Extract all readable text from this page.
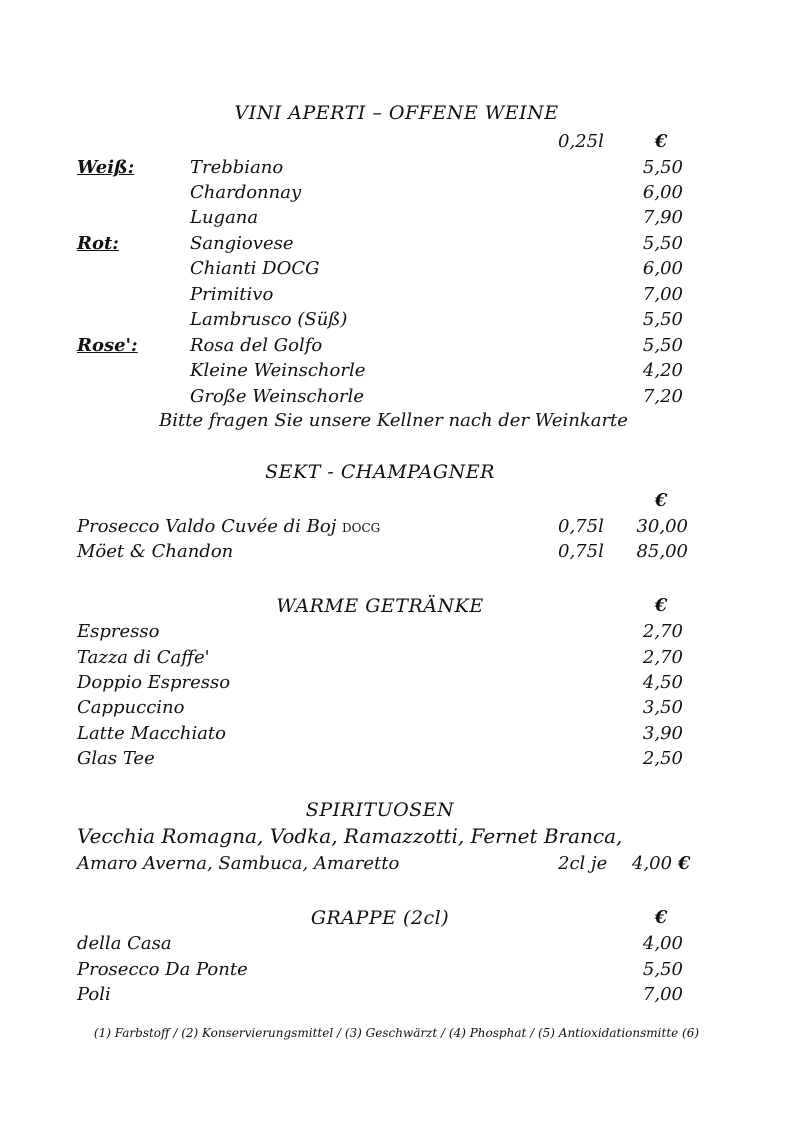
VINI APERTI – OFFENE WEINE
0,25l	€
Weiß:	Trebbiano	5,50
Chardonnay	6,00
Lugana	7,90
Rot:	Sangiovese	5,50
Chianti DOCG	6,00
Primitivo	7,00
Lambrusco (Süß)	5,50
Rose':	Rosa del Golfo	5,50
Kleine Weinschorle	4,20
Große Weinschorle	7,20
Bitte fragen Sie unsere Kellner nach der Weinkarte
SEKT - CHAMPAGNER
€
Prosecco Valdo Cuvée di Boj DOCG	0,75l	30,00
Möet & Chandon	0,75l	85,00
WARME GETRÄNKE	€
Espresso	2,70
Tazza di Caffe'	2,70
Doppio Espresso	4,50
Cappuccino	3,50
Latte Macchiato	3,90
Glas Tee	2,50
SPIRITUOSEN
Vecchia Romagna, Vodka, Ramazzotti, Fernet Branca,
Amaro Averna, Sambuca, Amaretto	2cl je 4,00 €
GRAPPE (2cl)	€
della Casa	4,00
Prosecco Da Ponte	5,50
Poli	7,00
(1) Farbstoff / (2) Konservierungsmittel / (3) Geschwärzt / (4) Phosphat / (5) Antioxidationsmitte (6)
